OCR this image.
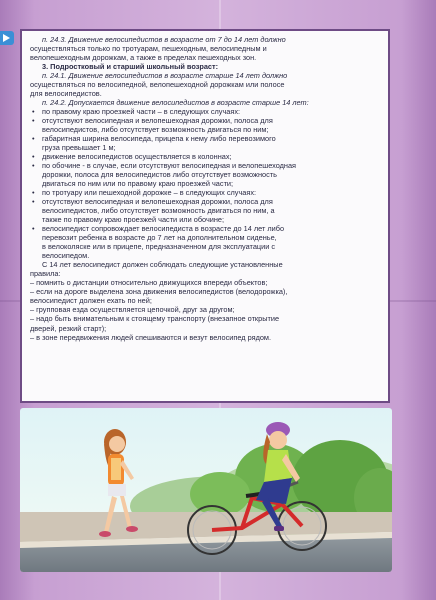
п. 24.3. Движение велосипедистов в возрасте от 7 до 14 лет должно
осуществляться только по тротуарам, пешеходным, велосипедным и
велопешеходным дорожкам, а также в пределах пешеходных зон.
3. Подростковый и старший школьный возраст:
п. 24.1. Движение велосипедистов в возрасте старше 14 лет должно
осуществляться по велосипедной, велопешеходной дорожкам или полосе
для велосипедистов.
п. 24.2. Допускается движение велосипедистов в возрасте старше 14 лет:
• по правому краю проезжей части – в следующих случаях:
• отсутствуют велосипедная и велопешеходная дорожки, полоса для
велосипедистов, либо отсутствует возможность двигаться по ним;
• габаритная ширина велосипеда, прицепа к нему либо перевозимого
груза превышает 1 м;
• движение велосипедистов осуществляется в колоннах;
• по обочине - в случае, если отсутствуют велосипедная и велопешеходная
дорожки, полоса для велосипедистов либо отсутствует возможность
двигаться по ним или по правому краю проезжей части;
• по тротуару или пешеходной дорожке – в следующих случаях:
• отсутствуют велосипедная и велопешеходная дорожки, полоса для
велосипедистов, либо отсутствует возможность двигаться по ним, а
также по правому краю проезжей части или обочине;
• велосипедист сопровождает велосипедиста в возрасте до 14 лет либо
перевозит ребенка в возрасте до 7 лет на дополнительном сиденье,
в велоколяске или в прицепе, предназначенном для эксплуатации с
велосипедом.
С 14 лет велосипедист должен соблюдать следующие установленные
правила:
– помнить о дистанции относительно движущихся впереди объектов;
– если на дороге выделена зона движения велосипедистов (велодорожка),
велосипедист должен ехать по ней;
– групповая езда осуществляется цепочкой, друг за другом;
– надо быть внимательным к стоящему транспорту (внезапное открытие
дверей, резкий старт);
– в зоне передвижения людей спешиваются и везут велосипед рядом.
